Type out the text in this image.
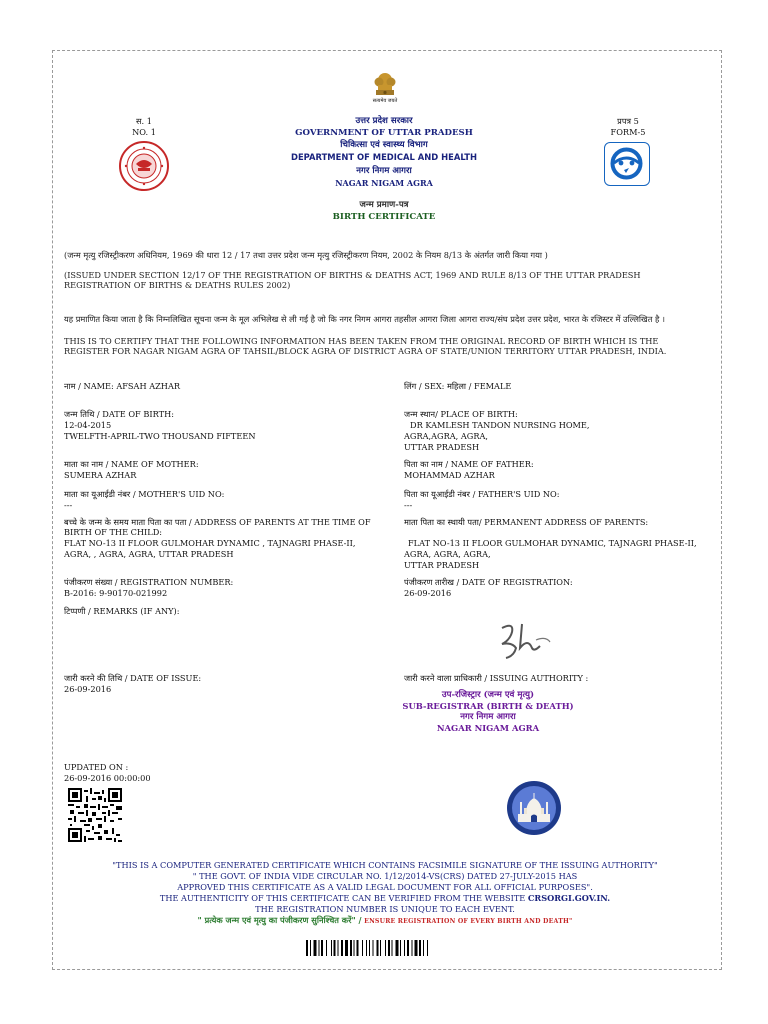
सत्यमेव जयते
स. 1
NO. 1
प्रपत्र 5
FORM-5
उत्तर प्रदेश सरकार
GOVERNMENT OF UTTAR PRADESH
चिकित्सा एवं स्वास्थ्य विभाग
DEPARTMENT OF MEDICAL AND HEALTH
नगर निगम आगरा
NAGAR NIGAM AGRA
जन्म प्रमाण-पत्र
BIRTH CERTIFICATE
(जन्म मृत्यु रजिस्ट्रीकरण अधिनियम, 1969 की धारा 12 / 17 तथा उत्तर प्रदेश जन्म मृत्यु रजिस्ट्रीकरण नियम, 2002 के नियम 8/13 के अंतर्गत जारी किया गया )
(ISSUED UNDER SECTION 12/17 OF THE REGISTRATION OF BIRTHS & DEATHS ACT, 1969 AND RULE 8/13 OF THE UTTAR PRADESH REGISTRATION OF BIRTHS & DEATHS RULES 2002)
यह प्रमाणित किया जाता है कि निम्नलिखित सूचना जन्म के मूल अभिलेख से ली गई है जो कि नगर निगम आगरा तहसील आगरा जिला आगरा राज्य/संघ प्रदेश उत्तर प्रदेश, भारत के रजिस्टर में उल्लिखित है ।
THIS IS TO CERTIFY THAT THE FOLLOWING INFORMATION HAS BEEN TAKEN FROM THE ORIGINAL RECORD OF BIRTH WHICH IS THE REGISTER FOR NAGAR NIGAM AGRA OF TAHSIL/BLOCK AGRA OF DISTRICT AGRA OF STATE/UNION TERRITORY UTTAR PRADESH, INDIA.
नाम / NAME: AFSAH AZHAR	लिंग / SEX: महिला / FEMALE
जन्म तिथि / DATE OF BIRTH:
12-04-2015
TWELFTH-APRIL-TWO THOUSAND FIFTEEN
जन्म स्थान/ PLACE OF BIRTH:
DR KAMLESH TANDON NURSING HOME,
AGRA,AGRA, AGRA,
UTTAR PRADESH
माता का नाम / NAME OF MOTHER:
SUMERA AZHAR
पिता का नाम / NAME OF FATHER:
MOHAMMAD AZHAR
माता का यूआईडी नंबर / MOTHER'S UID NO:
---
पिता का यूआईडी नंबर / FATHER'S UID NO:
---
बच्चे के जन्म के समय माता पिता का पता / ADDRESS OF PARENTS AT THE TIME OF BIRTH OF THE CHILD:
FLAT NO-13 II FLOOR GULMOHAR DYNAMIC , TAJNAGRI PHASE-II,
AGRA, , AGRA, AGRA, UTTAR PRADESH
माता पिता का स्थायी पता/ PERMANENT ADDRESS OF PARENTS:
FLAT NO-13 II FLOOR GULMOHAR DYNAMIC, TAJNAGRI PHASE-II,
AGRA, AGRA, AGRA,
UTTAR PRADESH
पंजीकरण संख्या / REGISTRATION NUMBER:
B-2016: 9-90170-021992
पंजीकरण तारीख / DATE OF REGISTRATION:
26-09-2016
टिप्पणी / REMARKS (IF ANY):
जारी करने की तिथि / DATE OF ISSUE:
26-09-2016
जारी करने वाला प्राधिकारी / ISSUING AUTHORITY :
उप-रजिस्ट्रार (जन्म एवं मृत्यु)
SUB-REGISTRAR (BIRTH & DEATH)
नगर निगम आगरा
NAGAR NIGAM AGRA
UPDATED ON :
26-09-2016 00:00:00
"THIS IS A COMPUTER GENERATED CERTIFICATE WHICH CONTAINS FACSIMILE SIGNATURE OF THE ISSUING AUTHORITY"
" THE GOVT. OF INDIA VIDE CIRCULAR NO. 1/12/2014-VS(CRS) DATED 27-JULY-2015 HAS
APPROVED THIS CERTIFICATE AS A VALID LEGAL DOCUMENT FOR ALL OFFICIAL PURPOSES".
THE AUTHENTICITY OF THIS CERTIFICATE CAN BE VERIFIED FROM THE WEBSITE CRSORGI.GOV.IN.
THE REGISTRATION NUMBER IS UNIQUE TO EACH EVENT.
" प्रत्येक जन्म एवं मृत्यु का पंजीकरण सुनिश्चित करें" / ENSURE REGISTRATION OF EVERY BIRTH AND DEATH"
